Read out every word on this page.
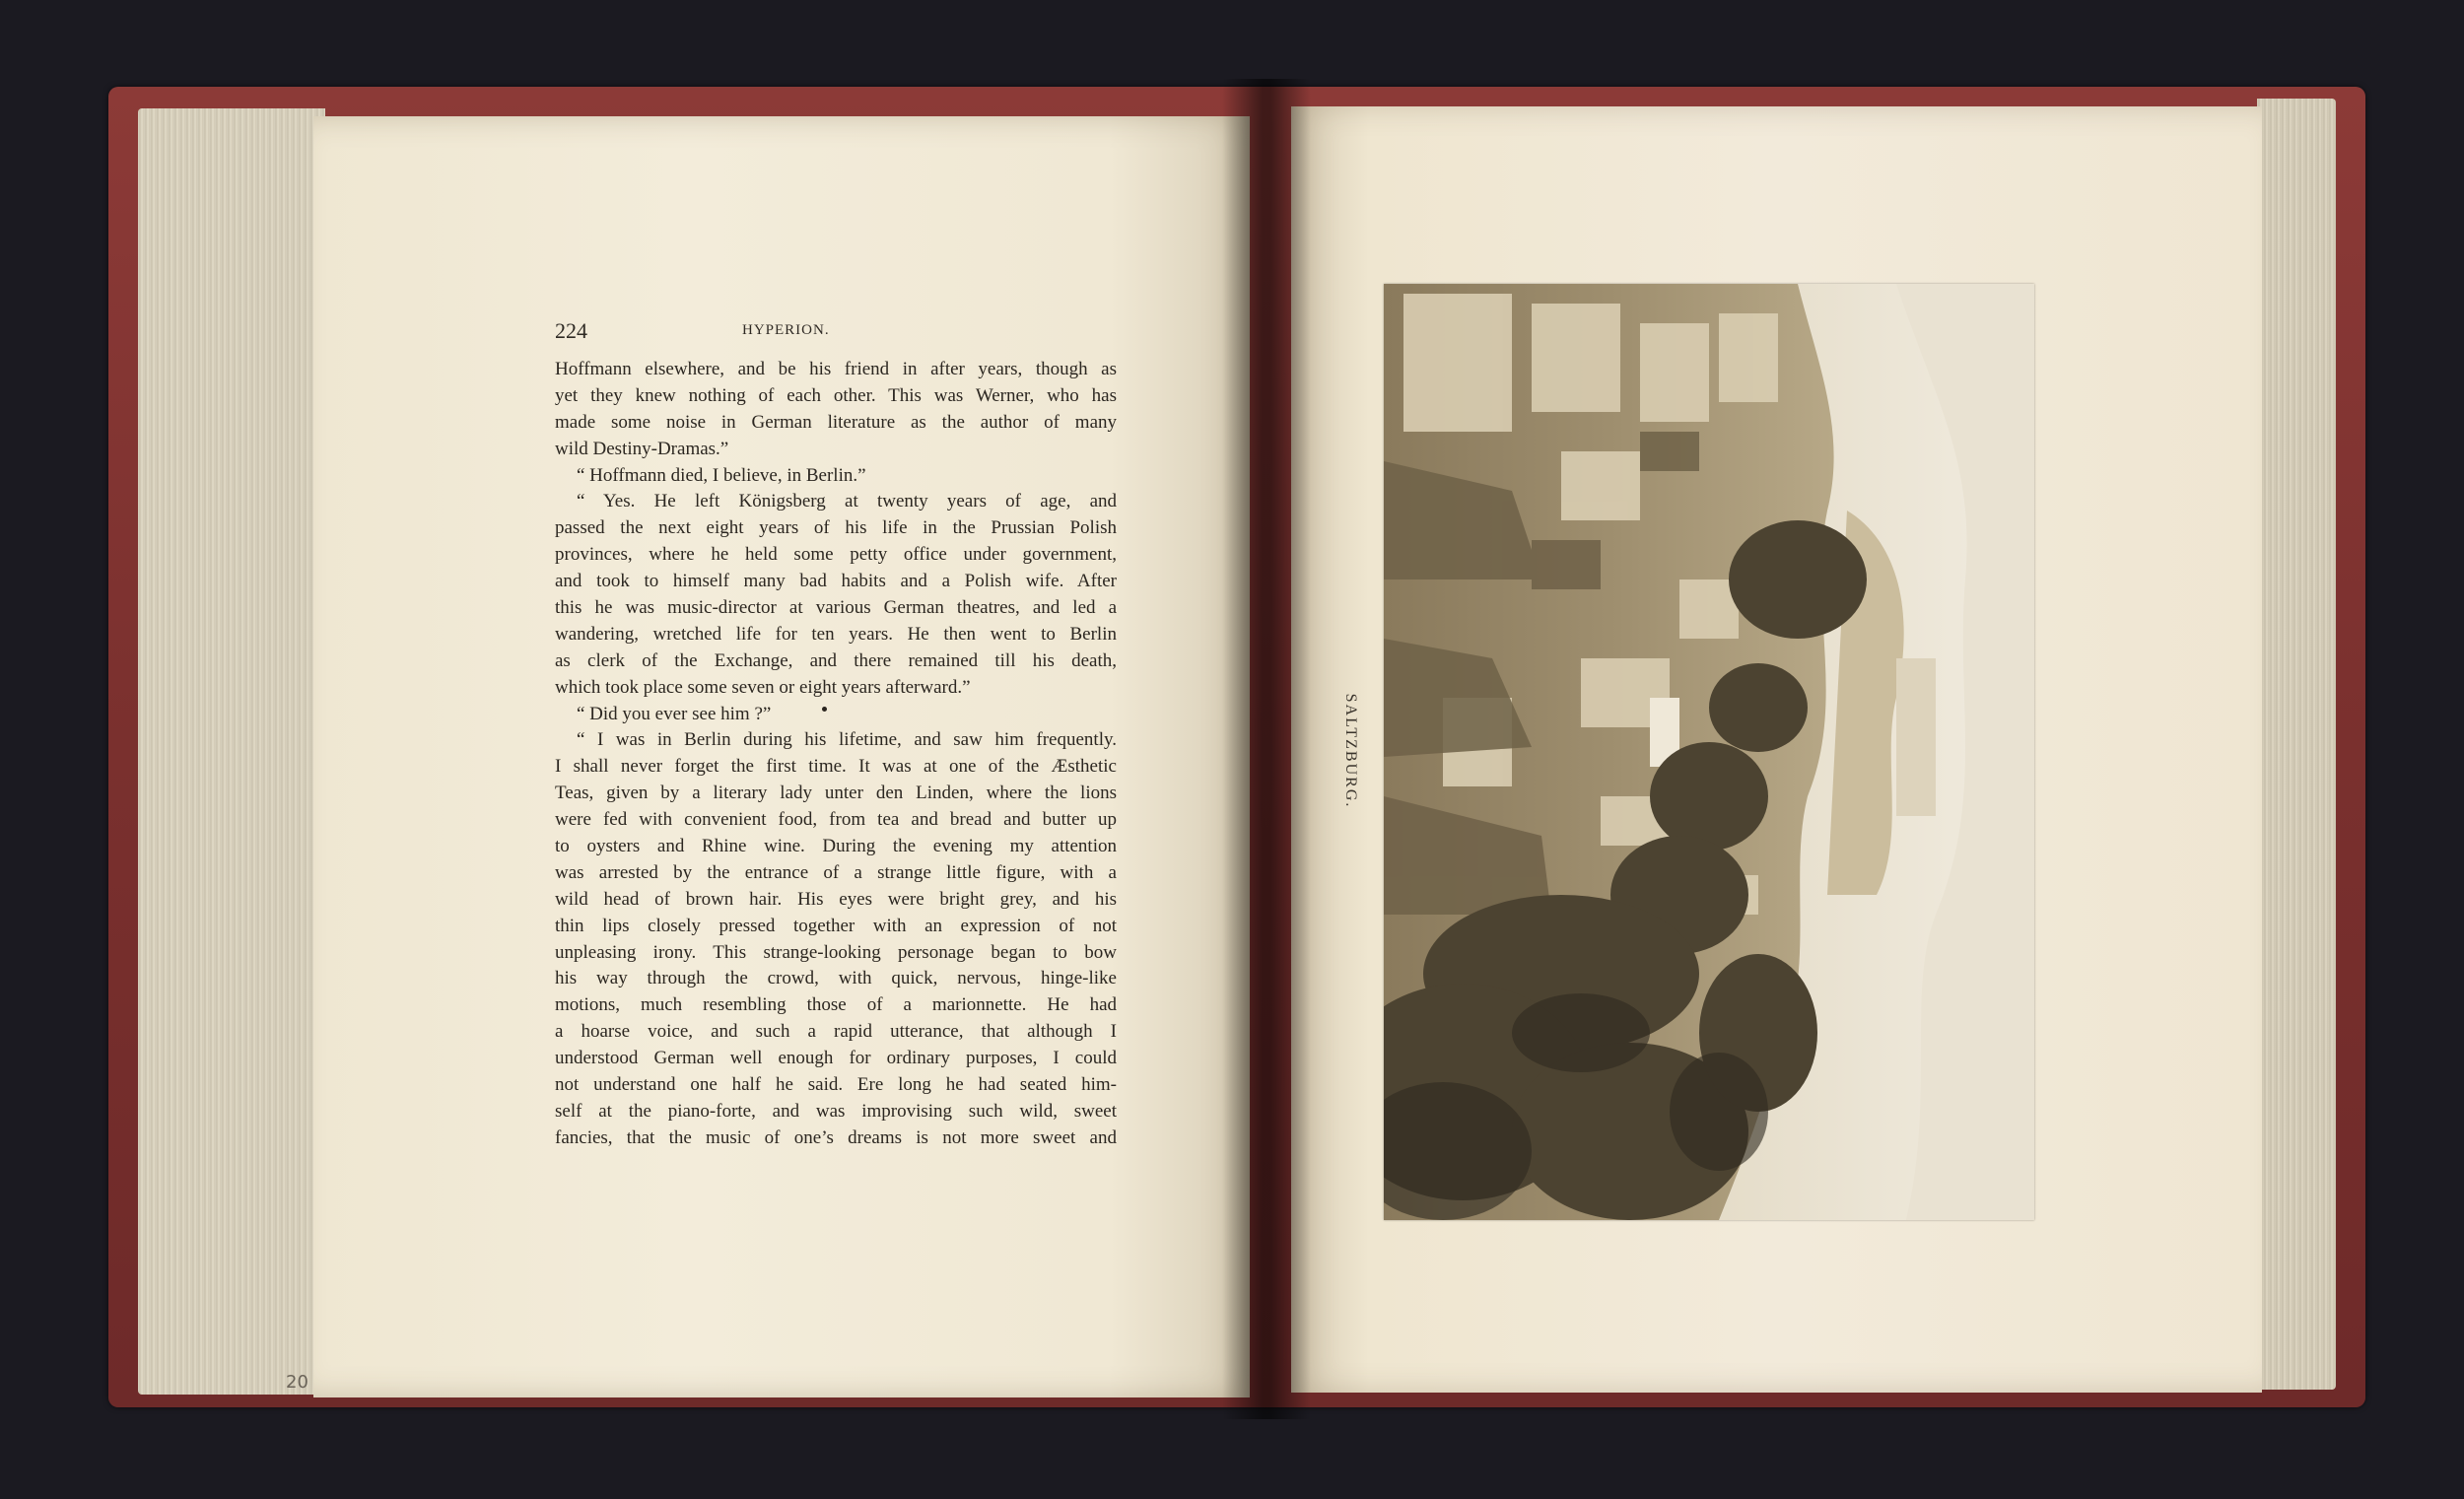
20
224	HYPERION.
Hoffmann elsewhere, and be his friend in after years, though as
yet they knew nothing of each other. This was Werner, who has
made some noise in German literature as the author of many
wild Destiny-Dramas.”
“ Hoffmann died, I believe, in Berlin.”
“ Yes. He left Königsberg at twenty years of age, and
passed the next eight years of his life in the Prussian Polish
provinces, where he held some petty office under government,
and took to himself many bad habits and a Polish wife. After
this he was music-director at various German theatres, and led a
wandering, wretched life for ten years. He then went to Berlin
as clerk of the Exchange, and there remained till his death,
which took place some seven or eight years afterward.”
“ Did you ever see him ?”
“ I was in Berlin during his lifetime, and saw him frequently.
I shall never forget the first time. It was at one of the Æsthetic
Teas, given by a literary lady unter den Linden, where the lions
were fed with convenient food, from tea and bread and butter up
to oysters and Rhine wine. During the evening my attention
was arrested by the entrance of a strange little figure, with a
wild head of brown hair. His eyes were bright grey, and his
thin lips closely pressed together with an expression of not
unpleasing irony. This strange-looking personage began to bow
his way through the crowd, with quick, nervous, hinge-like
motions, much resembling those of a marionnette. He had
a hoarse voice, and such a rapid utterance, that although I
understood German well enough for ordinary purposes, I could
not understand one half he said. Ere long he had seated him-
self at the piano-forte, and was improvising such wild, sweet
fancies, that the music of one’s dreams is not more sweet and
SALTZBURG.
